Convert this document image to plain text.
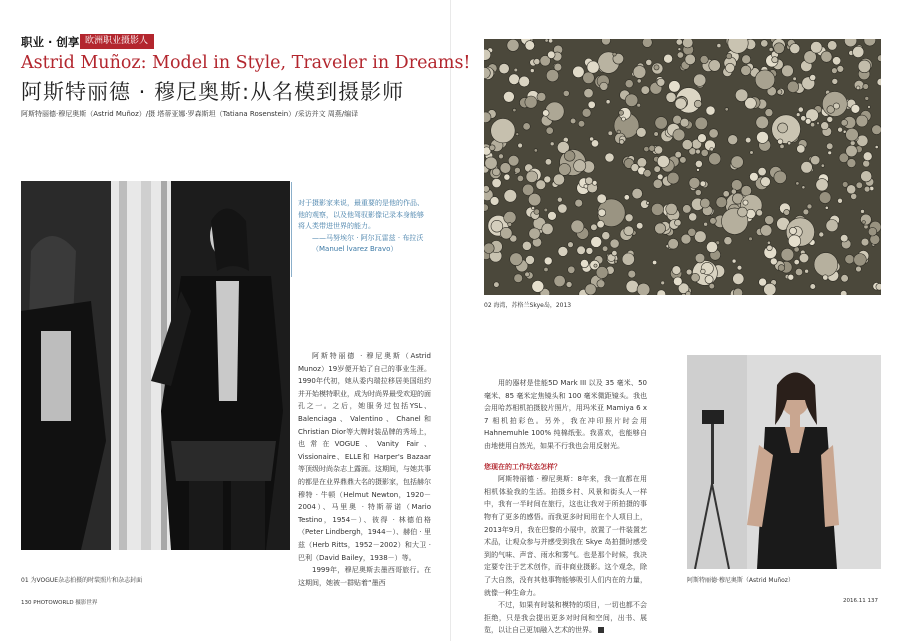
职业 · 创享 欧洲职业摄影人
Astrid Muñoz: Model in Style, Traveler in Dreams!
阿斯特丽德 · 穆尼奥斯:从名模到摄影师
阿斯特丽德·穆尼奥斯（Astrid Muñoz）/摄 塔蒂亚娜·罗森斯坦（Tatiana Rosenstein）/采访并文 周燕/编译
对于摄影家来说，最重要的是他的作品、他的观察，以及他驾驭影像记录本身能够将人类带进世界的能力。
——马努埃尔 · 阿尔瓦雷兹 · 布拉沃（Manuel lvarez Bravo）

阿斯特丽德 · 穆尼奥斯（Astrid Munoz）19岁便开始了自己的事业生涯。1990年代初，她从委内瑞拉移居美国纽约并开始模特职业，成为时尚界最受欢迎的面孔之一。之后，她服务过包括YSL、Balenciaga、Valentino、Chanel和Christian Dior等大牌时装品牌的秀场上，也常在VOGUE、Vanity Fair、Vissionaire、ELLE和 Harper's Bazaar等顶级时尚杂志上露面。这期间，与她共事的都是在业界鼎鼎大名的摄影家，包括赫尔穆特 · 牛顿（Helmut Newton，1920－2004）、马里奥 · 特斯蒂诺（Mario Testino，1954－）、彼得 · 林德伯格（Peter Lindbergh，1944－）、赫伯 · 里兹（Herb Ritts，1952－2002）和大卫 · 巴利（David Bailey，1938－）等。

1999年，穆尼奥斯去墨西哥旅行。在这期间，她被一群贴着“墨西

02 海湾，苏格兰Skye岛，2013

用的器材是佳能5D Mark III 以及 35 毫米、50 毫米、85 毫米定焦镜头和 100 毫米微距镜头。我也会用哈苏相机拍摄胶片照片，用玛米亚 Mamiya 6 x 7 相机拍彩色。另外，我在冲印照片时会用 Hahnemuhle 100% 纯棉纸张。我喜欢，也能够自由地使用自然光，如果不行我也会用反射光。

您现在的工作状态怎样？

阿斯特丽德 · 穆尼奥斯：8年来，我一直都在用相机体验我的生活。拍摄乡村、风景和街头人一样中，我有一半时间在旅行，这也让我对于所拍摄的事物有了更多的感悟。而我更多时间用在个人项目上，2013年9月，我在巴黎的小展中，放置了一件装置艺术品，让观众参与并感受到我在 Skye 岛拍摄时感受到的气味、声音、雨水和雾气。也是那个时候，我决定要专注于艺术创作，而非商业摄影。这个观念，除了大自然，没有其他事物能够吸引人们内在的力量，就像一种生命力。

不过，如果有时装和模特的项目，一切也都不会拒绝，只是我会提出更多对时间和空间，出书、展览，以让自己更加融入艺术的世界。

阿斯特丽德·穆尼奥斯（Astrid Muñoz）
01 为VOGUE杂志拍摄的时装照片和杂志封面
130 PHOTOWORLD 摄影世界	2016.11 137
